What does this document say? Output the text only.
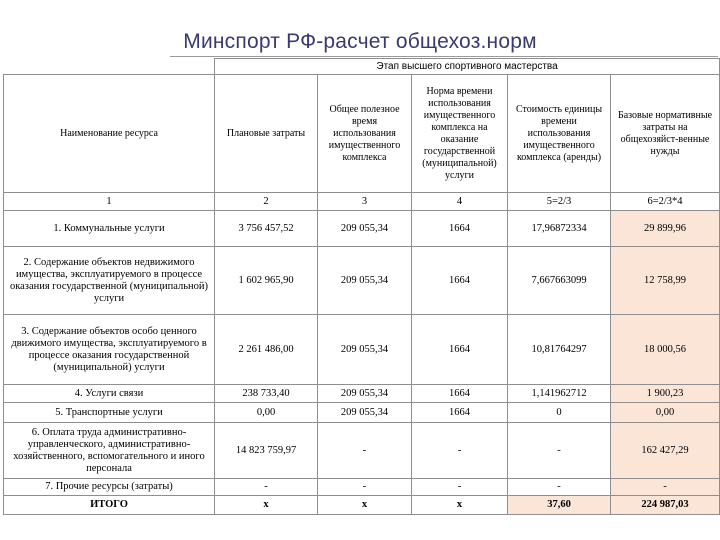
Минспорт РФ-расчет общехоз.норм
	Этап высшего спортивного мастерства				
Наименование ресурса	Плановые затраты	Общее полезное время использования имущественного комплекса	Норма времени использования имущественного комплекса на оказание государственной (муниципальной) услуги	Стоимость единицы времени использования имущественного комплекса (аренды)	Базовые нормативные затраты на общехозяйст-венные нужды
1	2	3	4	5=2/3	6=2/3*4
1. Коммунальные услуги	3 756 457,52	209 055,34	1664	17,96872334	29 899,96
2. Содержание объектов недвижимого имущества, эксплуатируемого в процессе оказания государственной (муниципальной) услуги	1 602 965,90	209 055,34	1664	7,667663099	12 758,99
3. Содержание объектов особо ценного движимого имущества, эксплуатируемого в процессе оказания государственной (муниципальной) услуги	2 261 486,00	209 055,34	1664	10,81764297	18 000,56
4. Услуги связи	238 733,40	209 055,34	1664	1,141962712	1 900,23
5. Транспортные услуги	0,00	209 055,34	1664	0	0,00
6. Оплата труда административно-управленческого, административно-хозяйственного, вспомогательного и иного персонала	14 823 759,97	-	-	-	162 427,29
7. Прочие ресурсы (затраты)	-	-	-	-	-
ИТОГО	x	x	x	37,60	224 987,03
